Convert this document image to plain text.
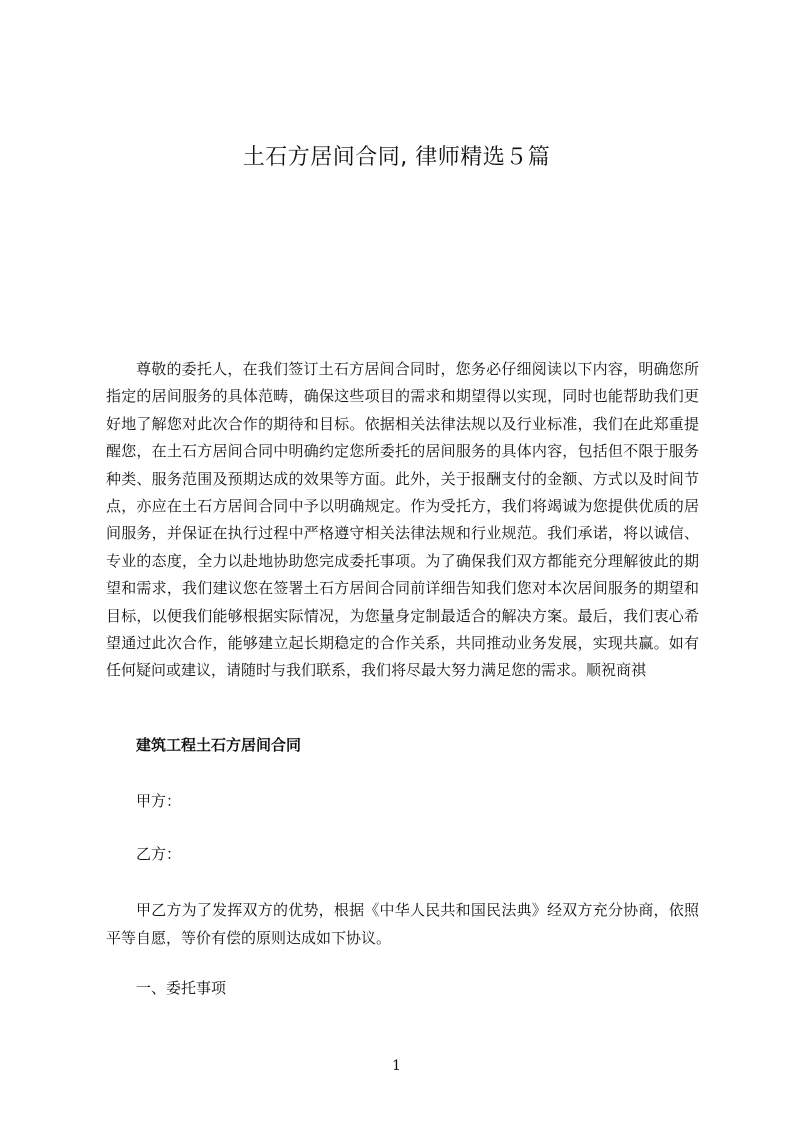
土石方居间合同, 律师精选５篇

尊敬的委托人，在我们签订土石方居间合同时，您务必仔细阅读以下内容，明确您所指定的居间服务的具体范畴，确保这些项目的需求和期望得以实现，同时也能帮助我们更好地了解您对此次合作的期待和目标。依据相关法律法规以及行业标准，我们在此郑重提醒您，在土石方居间合同中明确约定您所委托的居间服务的具体内容，包括但不限于服务种类、服务范围及预期达成的效果等方面。此外，关于报酬支付的金额、方式以及时间节点，亦应在土石方居间合同中予以明确规定。作为受托方，我们将竭诚为您提供优质的居间服务，并保证在执行过程中严格遵守相关法律法规和行业规范。我们承诺，将以诚信、专业的态度，全力以赴地协助您完成委托事项。为了确保我们双方都能充分理解彼此的期望和需求，我们建议您在签署土石方居间合同前详细告知我们您对本次居间服务的期望和目标，以便我们能够根据实际情况，为您量身定制最适合的解决方案。最后，我们衷心希望通过此次合作，能够建立起长期稳定的合作关系，共同推动业务发展，实现共赢。如有任何疑问或建议，请随时与我们联系，我们将尽最大努力满足您的需求。顺祝商祺

建筑工程土石方居间合同

甲方：

乙方：

甲乙方为了发挥双方的优势，根据《中华人民共和国民法典》经双方充分协商，依照平等自愿，等价有偿的原则达成如下协议。

一、委托事项

1
